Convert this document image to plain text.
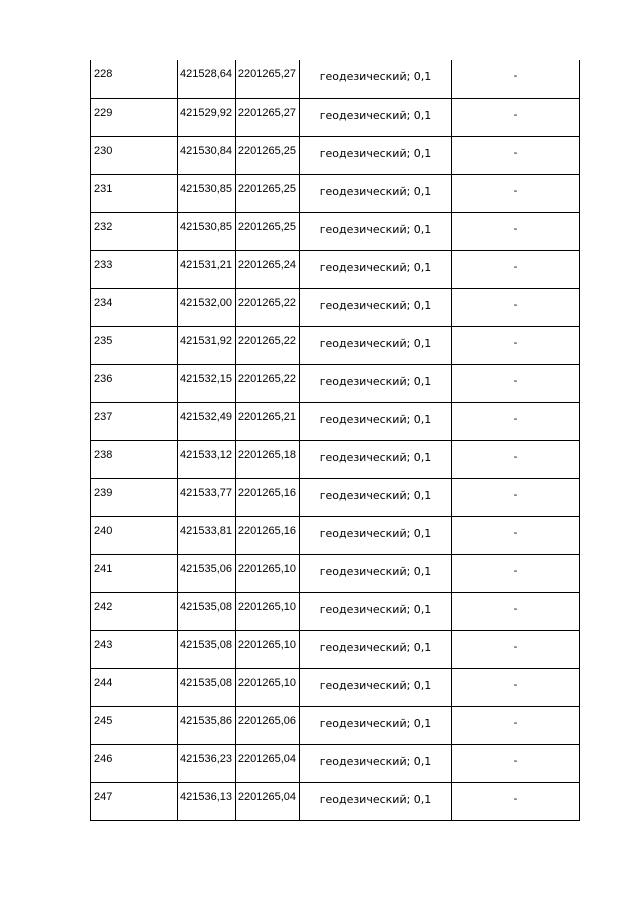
228	421528,64	2201265,27	геодезический; 0,1	-
229	421529,92	2201265,27	геодезический; 0,1	-
230	421530,84	2201265,25	геодезический; 0,1	-
231	421530,85	2201265,25	геодезический; 0,1	-
232	421530,85	2201265,25	геодезический; 0,1	-
233	421531,21	2201265,24	геодезический; 0,1	-
234	421532,00	2201265,22	геодезический; 0,1	-
235	421531,92	2201265,22	геодезический; 0,1	-
236	421532,15	2201265,22	геодезический; 0,1	-
237	421532,49	2201265,21	геодезический; 0,1	-
238	421533,12	2201265,18	геодезический; 0,1	-
239	421533,77	2201265,16	геодезический; 0,1	-
240	421533,81	2201265,16	геодезический; 0,1	-
241	421535,06	2201265,10	геодезический; 0,1	-
242	421535,08	2201265,10	геодезический; 0,1	-
243	421535,08	2201265,10	геодезический; 0,1	-
244	421535,08	2201265,10	геодезический; 0,1	-
245	421535,86	2201265,06	геодезический; 0,1	-
246	421536,23	2201265,04	геодезический; 0,1	-
247	421536,13	2201265,04	геодезический; 0,1	-
